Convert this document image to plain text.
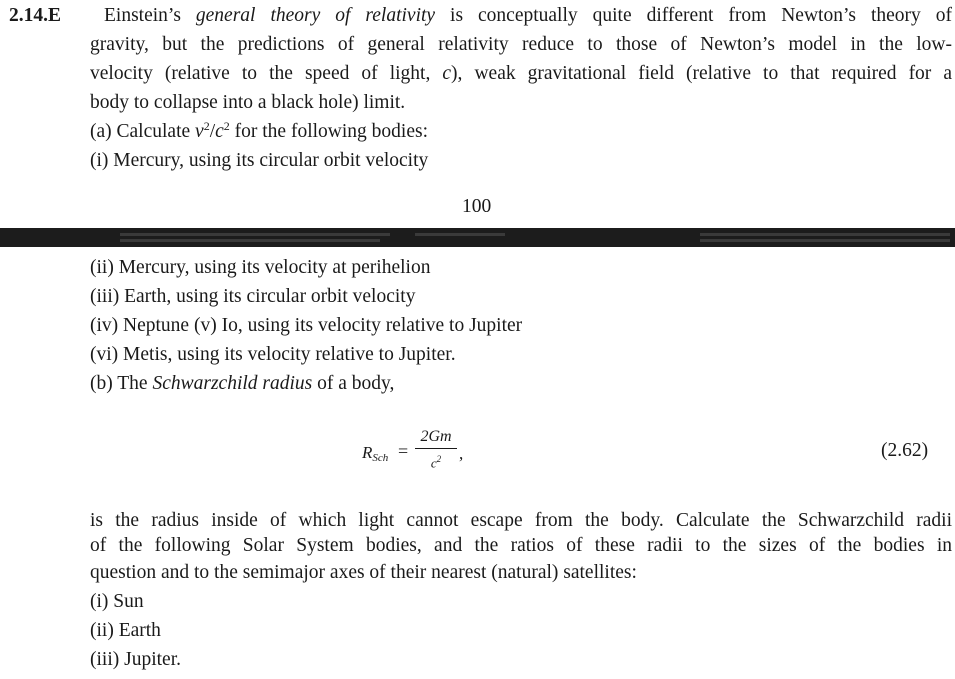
2.14.E Einstein’s general theory of relativity is conceptually quite different from Newton’s theory of
gravity, but the predictions of general relativity reduce to those of Newton’s model in the low-
velocity (relative to the speed of light, c), weak gravitational field (relative to that required for a
body to collapse into a black hole) limit.
(a) Calculate $v^2/c^2$ for the following bodies:
(i) Mercury, using its circular orbit velocity
100
(ii) Mercury, using its velocity at perihelion
(iii) Earth, using its circular orbit velocity
(iv) Neptune (v) Io, using its velocity relative to Jupiter
(vi) Metis, using its velocity relative to Jupiter.
(b) The Schwarzchild radius of a body,
$R_{Sch}$ =
2Gm
$c^2$	,	(2.62)
is the radius inside of which light cannot escape from the body. Calculate the Schwarzchild radii
of the following Solar System bodies, and the ratios of these radii to the sizes of the bodies in
question and to the semimajor axes of their nearest (natural) satellites:
(i) Sun
(ii) Earth
(iii) Jupiter.
